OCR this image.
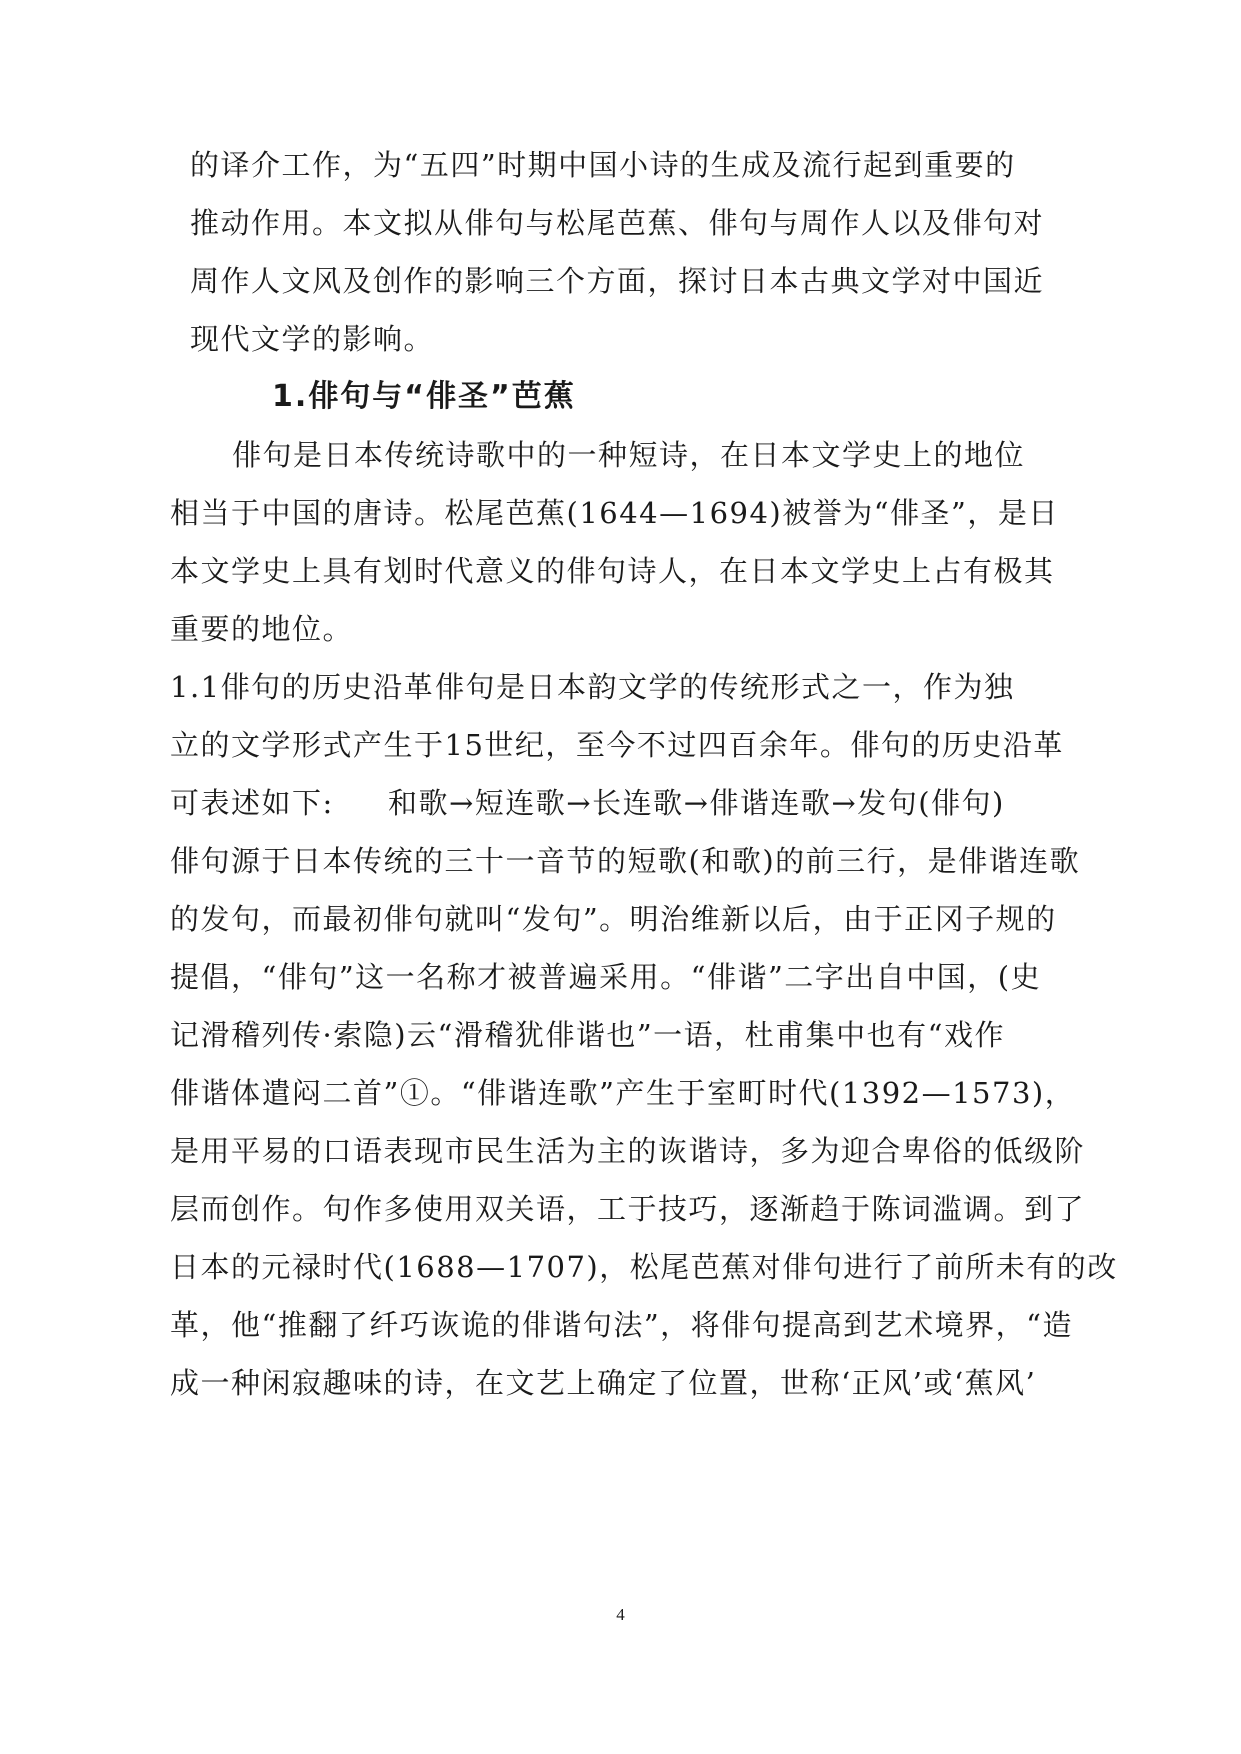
的译介工作，为“五四”时期中国小诗的生成及流行起到重要的
推动作用。本文拟从俳句与松尾芭蕉、俳句与周作人以及俳句对
周作人文风及创作的影响三个方面，探讨日本古典文学对中国近
现代文学的影响。
1.俳句与“俳圣”芭蕉
俳句是日本传统诗歌中的一种短诗，在日本文学史上的地位
相当于中国的唐诗。松尾芭蕉(1644—1694)被誉为“俳圣”，是日
本文学史上具有划时代意义的俳句诗人，在日本文学史上占有极其
重要的地位。
1.1俳句的历史沿革 俳句是日本韵文学的传统形式之一，作为独
立的文学形式产生于15世纪，至今不过四百余年。俳句的历史沿革
可表述如下: 和歌→短连歌→长连歌→俳谐连歌→发句(俳句)
俳句源于日本传统的三十一音节的短歌(和歌)的前三行，是俳谐连歌
的发句，而最初俳句就叫“发句”。明治维新以后，由于正冈子规的
提倡，“俳句”这一名称才被普遍采用。“俳谐”二字出自中国，(史
记滑稽列传·索隐)云“滑稽犹俳谐也”一语，杜甫集中也有“戏作
俳谐体遣闷二首”①。“俳谐连歌”产生于室町时代(1392—1573)，
是用平易的口语表现市民生活为主的诙谐诗，多为迎合卑俗的低级阶
层而创作。句作多使用双关语，工于技巧，逐渐趋于陈词滥调。到了
日本的元禄时代(1688—1707)，松尾芭蕉对俳句进行了前所未有的改
革，他“推翻了纤巧诙诡的俳谐句法”，将俳句提高到艺术境界，“造
成一种闲寂趣味的诗，在文艺上确定了位置，世称‘正风’或‘蕉风’
4
